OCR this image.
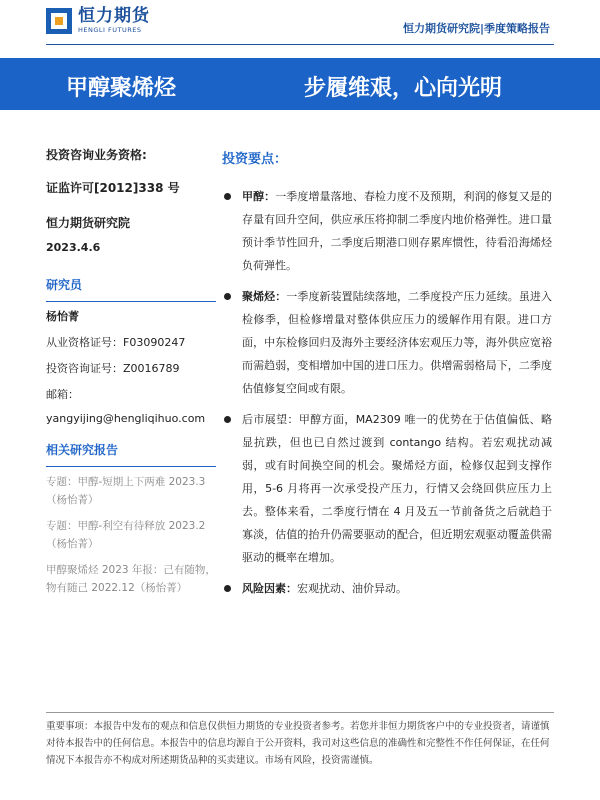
恒力期货
HENGLI FUTURES	恒力期货研究院|季度策略报告
甲醇聚烯烃	步履维艰，心向光明
投资咨询业务资格:
证监许可[2012]338 号
恒力期货研究院
2023.4.6
研究员
杨怡菁
从业资格证号：F03090247
投资咨询证号：Z0016789
邮箱：
yangyijing@hengliqihuo.com
相关研究报告
专题：甲醇-短期上下两难 2023.3（杨怡菁）
专题：甲醇-利空有待释放 2023.2（杨怡菁）
甲醇聚烯烃 2023 年报：己有随物，物有随己 2022.12（杨怡菁）
投资要点：
甲醇：一季度增量落地、春检力度不及预期，利润的修复又是的存量有回升空间，供应承压将抑制二季度内地价格弹性。进口量预计季节性回升，二季度后期港口则存累库惯性，待看沿海烯烃负荷弹性。
聚烯烃：一季度新装置陆续落地，二季度投产压力延续。虽进入检修季，但检修增量对整体供应压力的缓解作用有限。进口方面，中东检修回归及海外主要经济体宏观压力等，海外供应宽裕而需趋弱，变相增加中国的进口压力。供增需弱格局下，二季度估值修复空间或有限。
后市展望：甲醇方面，MA2309 唯一的优势在于估值偏低、略显抗跌，但也已自然过渡到 contango 结构。若宏观扰动减弱，或有时间换空间的机会。聚烯烃方面，检修仅起到支撑作用，5-6 月将再一次承受投产压力，行情又会绕回供应压力上去。整体来看，二季度行情在 4 月及五一节前备货之后就趋于寡淡，估值的抬升仍需要驱动的配合，但近期宏观驱动覆盖供需驱动的概率在增加。
风险因素：宏观扰动、油价异动。
重要事项：本报告中发布的观点和信息仅供恒力期货的专业投资者参考。若您并非恒力期货客户中的专业投资者，请谨慎对待本报告中的任何信息。本报告中的信息均源自于公开资料，我司对这些信息的准确性和完整性不作任何保证，在任何情况下本报告亦不构成对所述期货品种的买卖建议。市场有风险，投资需谨慎。
